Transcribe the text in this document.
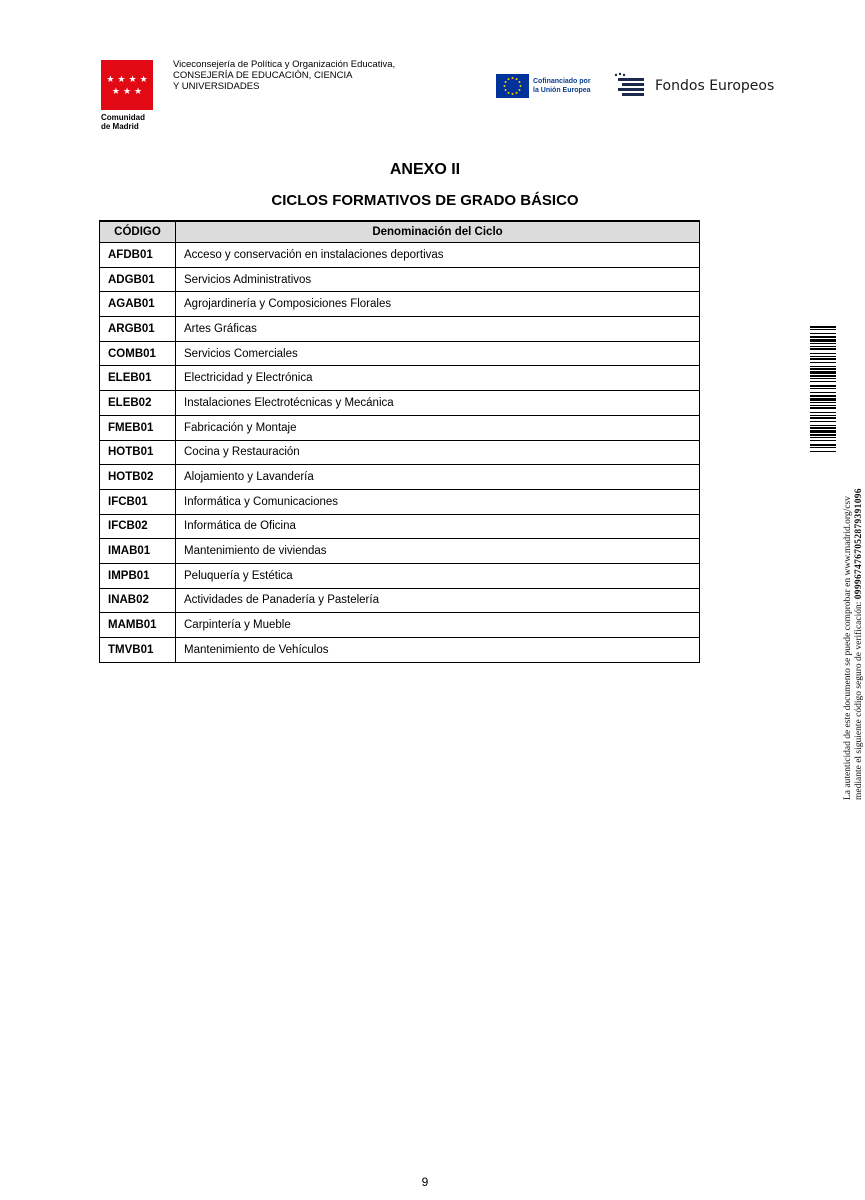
★ ★ ★ ★
★ ★ ★
Comunidad
de Madrid
Viceconsejería de Política y Organización Educativa,
CONSEJERÍA DE EDUCACIÓN, CIENCIA
Y UNIVERSIDADES	Cofinanciado por
la Unión Europea	Fondos Europeos
ANEXO II
CICLOS FORMATIVOS DE GRADO BÁSICO
CÓDIGO	Denominación del Ciclo
AFDB01	Acceso y conservación en instalaciones deportivas
ADGB01	Servicios Administrativos
AGAB01	Agrojardinería y Composiciones Florales
ARGB01	Artes Gráficas
COMB01	Servicios Comerciales
ELEB01	Electricidad y Electrónica
ELEB02	Instalaciones Electrotécnicas y Mecánica
FMEB01	Fabricación y Montaje
HOTB01	Cocina y Restauración
HOTB02	Alojamiento y Lavandería
IFCB01	Informática y Comunicaciones
IFCB02	Informática de Oficina
IMAB01	Mantenimiento de viviendas
IMPB01	Peluquería y Estética
INAB02	Actividades de Panadería y Pastelería
MAMB01	Carpintería y Mueble
TMVB01	Mantenimiento de Vehículos	La autenticidad de este documento se puede comprobar en www.madrid.org/csv mediante el siguiente código seguro de verificación: 0999674767052879391096
9
